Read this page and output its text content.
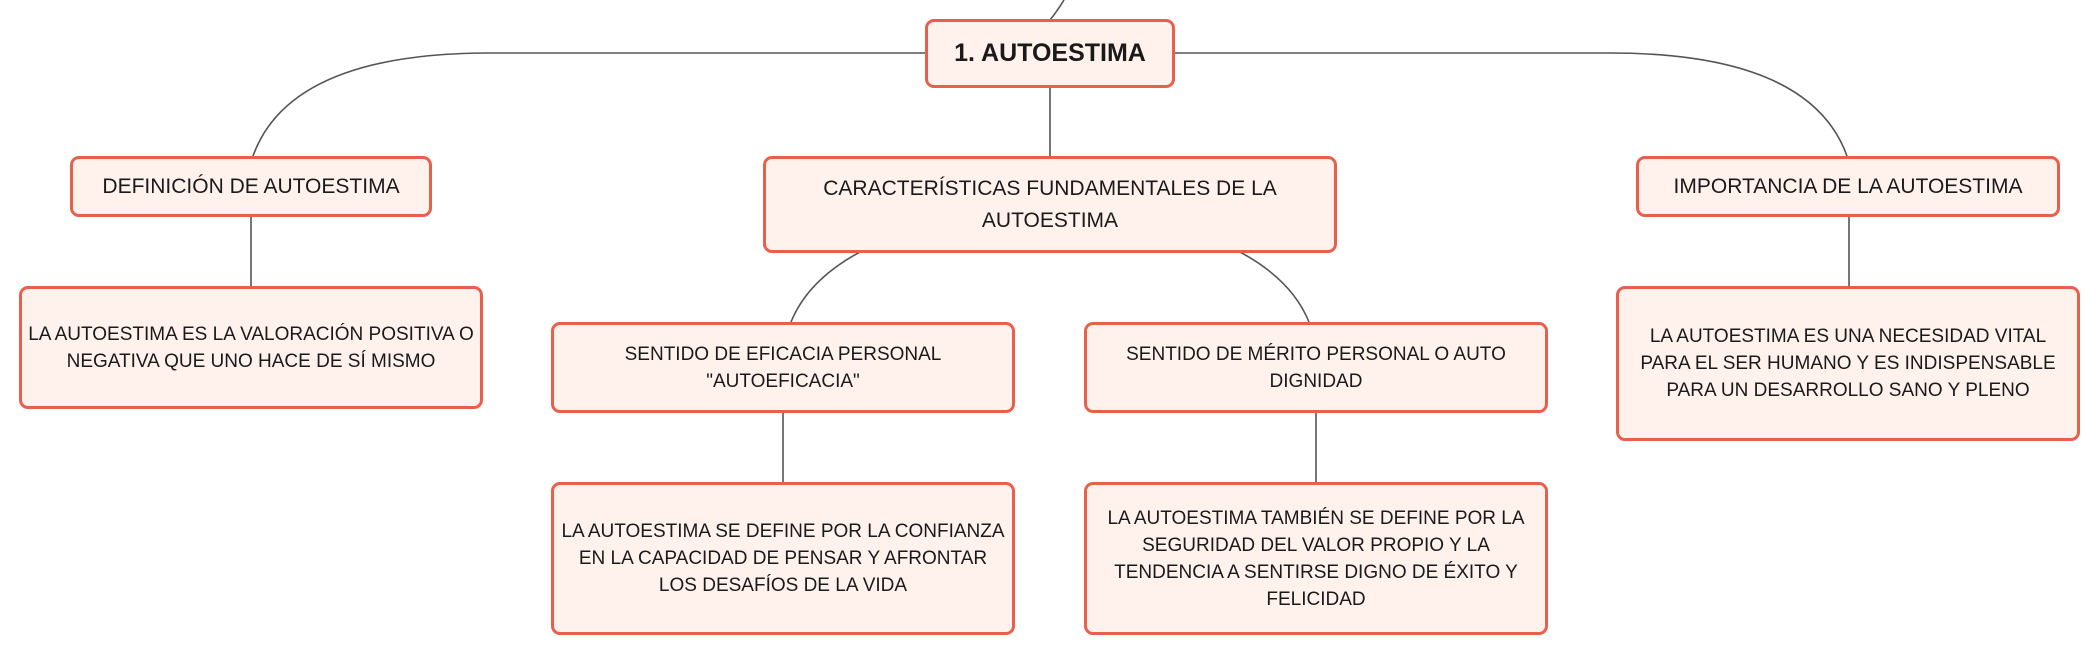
1. AUTOESTIMA
DEFINICIÓN DE AUTOESTIMA	CARACTERÍSTICAS FUNDAMENTALES DE LA AUTOESTIMA
IMPORTANCIA DE LA AUTOESTIMA
LA AUTOESTIMA ES LA VALORACIÓN POSITIVA O NEGATIVA QUE UNO HACE DE SÍ MISMO	SENTIDO DE EFICACIA PERSONAL "AUTOEFICACIA"
SENTIDO DE MÉRITO PERSONAL O AUTO DIGNIDAD
LA AUTOESTIMA ES UNA NECESIDAD VITAL PARA EL SER HUMANO Y ES INDISPENSABLE PARA UN DESARROLLO SANO Y PLENO
LA AUTOESTIMA SE DEFINE POR LA CONFIANZA EN LA CAPACIDAD DE PENSAR Y AFRONTAR LOS DESAFÍOS DE LA VIDA
LA AUTOESTIMA TAMBIÉN SE DEFINE POR LA SEGURIDAD DEL VALOR PROPIO Y LA TENDENCIA A SENTIRSE DIGNO DE ÉXITO Y FELICIDAD
